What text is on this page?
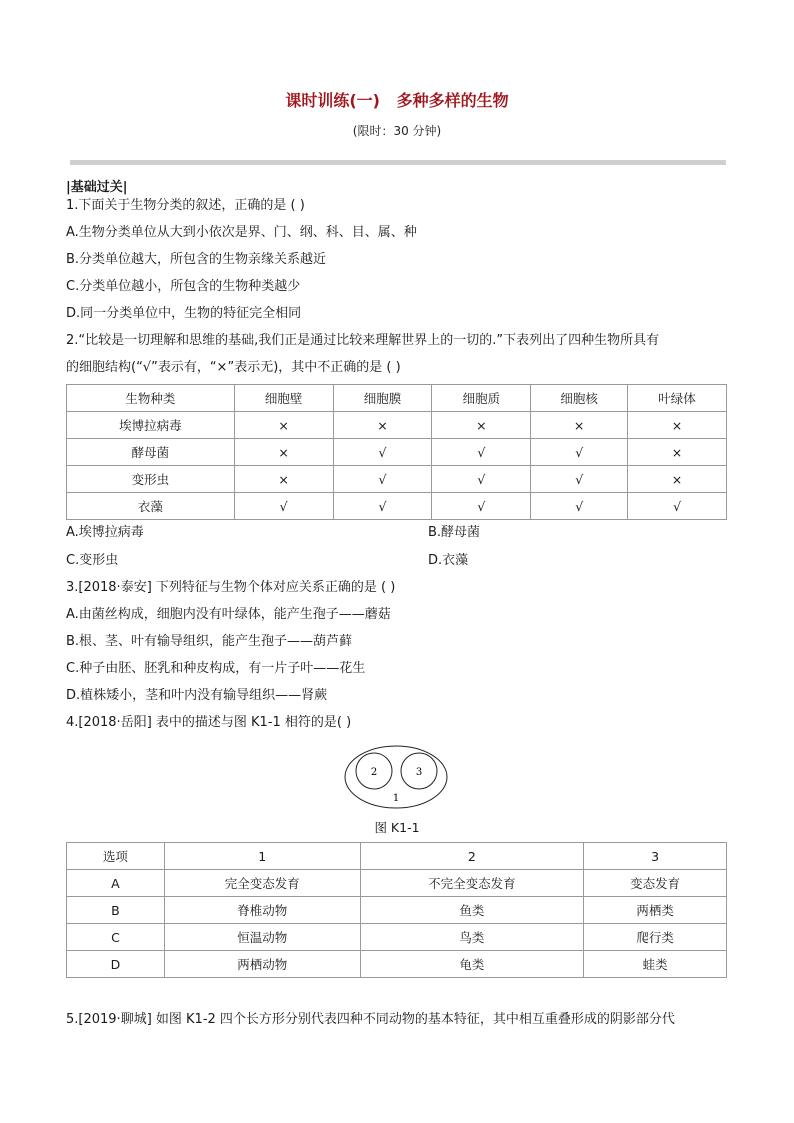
课时训练(一)   多种多样的生物
(限时：30 分钟)
|基础过关|
1.下面关于生物分类的叙述，正确的是 ( )
A.生物分类单位从大到小依次是界、门、纲、科、目、属、种
B.分类单位越大，所包含的生物亲缘关系越近
C.分类单位越小，所包含的生物种类越少
D.同一分类单位中，生物的特征完全相同
2.“比较是一切理解和思维的基础,我们正是通过比较来理解世界上的一切的.”下表列出了四种生物所具有
的细胞结构(“√”表示有，“×”表示无)，其中不正确的是 ( )
生物种类	细胞壁	细胞膜	细胞质	细胞核	叶绿体
埃博拉病毒	×	×	×	×	×
酵母菌	×	√	√	√	×
变形虫	×	√	√	√	×
衣藻	√	√	√	√	√
A.埃博拉病毒	B.酵母菌
C.变形虫	D.衣藻
3.[2018·泰安] 下列特征与生物个体对应关系正确的是 ( )
A.由菌丝构成，细胞内没有叶绿体，能产生孢子——蘑菇
B.根、茎、叶有输导组织，能产生孢子——葫芦藓
C.种子由胚、胚乳和种皮构成，有一片子叶——花生
D.植株矮小，茎和叶内没有输导组织——肾蕨
4.[2018·岳阳] 表中的描述与图 K1-1 相符的是( )
2	3
1
图 K1-1
选项	1	2	3
A	完全变态发育	不完全变态发育	变态发育
B	脊椎动物	鱼类	两栖类
C	恒温动物	鸟类	爬行类
D	两栖动物	龟类	蛙类
5.[2019·聊城] 如图 K1-2 四个长方形分别代表四种不同动物的基本特征，其中相互重叠形成的阴影部分代
